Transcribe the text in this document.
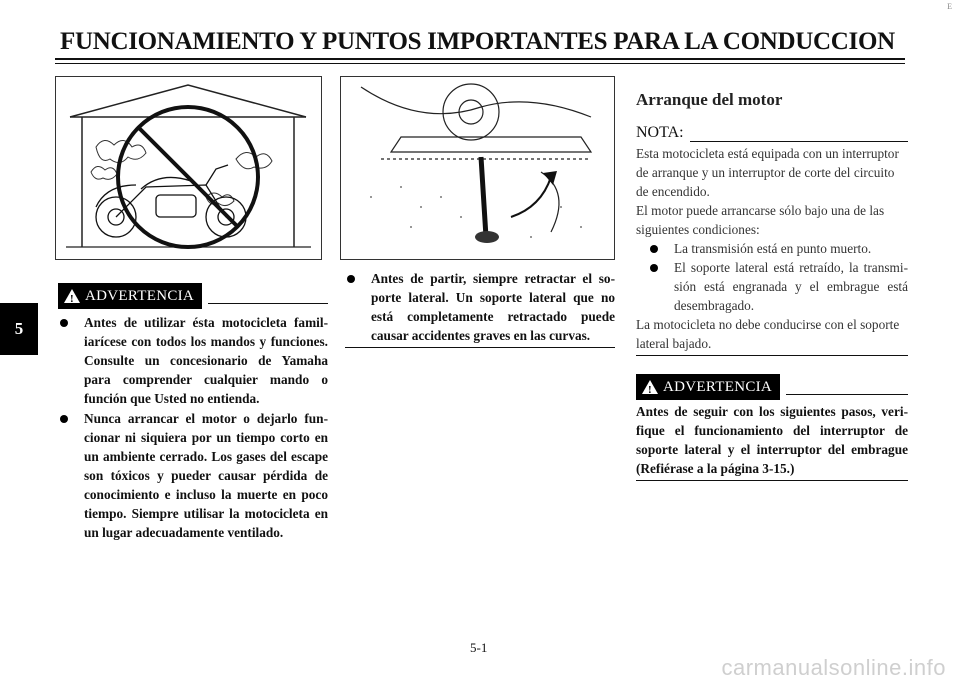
E
FUNCIONAMIENTO Y PUNTOS IMPORTANTES PARA LA CONDUCCION
5
! ADVERTENCIA
Antes de utilizar ésta motocicleta familiarícese con todos los mandos y funciones. Consulte un concesionario de Yamaha para comprender cualquier mando o función que Usted no entienda.
Nunca arrancar el motor o dejarlo funcionar ni siquiera por un tiempo corto en un ambiente cerrado. Los gases del escape son tóxicos y pueder causar pérdida de conocimiento e incluso la muerte en poco tiempo. Siempre utilisar la motocicleta en un lugar adecuadamente ventilado.
Antes de partir, siempre retractar el soporte lateral. Un soporte lateral que no está completamente retractado puede causar accidentes graves en las curvas.
Arranque del motor
NOTA:
Esta motocicleta está equipada con un interruptor de arranque y un interruptor de corte del circuito de encendido.
El motor puede arrancarse sólo bajo una de las siguientes condiciones:
La transmisión está en punto muerto.
El soporte lateral está retraído, la transmisión está engranada y el embrague está desembragado.
La motocicleta no debe conducirse con el soporte lateral bajado.
! ADVERTENCIA
Antes de seguir con los siguientes pasos, verifique el funcionamiento del interruptor de soporte lateral y el interruptor del embrague (Refiérase a la página 3-15.)
5-1
carmanualsonline.info
